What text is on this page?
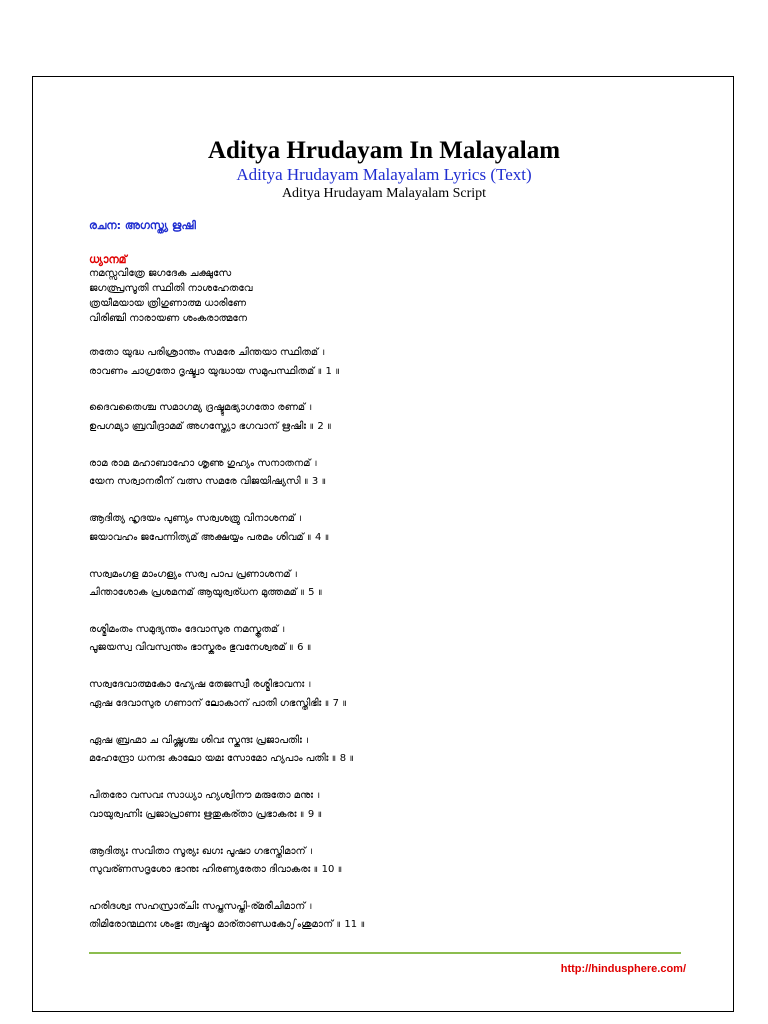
Aditya Hrudayam In Malayalam
Aditya Hrudayam Malayalam Lyrics (Text)
Aditya Hrudayam Malayalam Script
രചന: അഗസ്ത്യ ഋഷി
ധ്യാനമ്
നമസ്സവിത്രേ ജഗദേക ചക്ഷുസേ
ജഗത്പ്രസൂതി സ്ഥിതി നാശഹേതവേ
ത്രയീമയായ ത്രിഗുണാത്മ ധാരിണേ
വിരിഞ്ചി നാരായണ ശംകരാത്മനേ
തതോ യുദ്ധ പരിശ്രാന്തം സമരേ ചിന്തയാ സ്ഥിതമ് ।
രാവണം ചാഗ്രതോ ദൃഷ്ട്വാ യുദ്ധായ സമുപസ്ഥിതമ് ॥ 1 ॥
ദൈവതൈശ്ച സമാഗമ്യ ദ്രഷ്ടുമഭ്യാഗതോ രണമ് ।
ഉപഗമ്യാ ബ്രവീദ്രാമമ് അഗസ്ത്യോ ഭഗവാന് ഋഷിഃ ॥ 2 ॥
രാമ രാമ മഹാബാഹോ ശൃണു ഗുഹ്യം സനാതനമ് ।
യേന സര്വാനരീന് വത്സ സമരേ വിജയിഷ്യസി ॥ 3 ॥
ആദിത്യ ഹൃദയം പുണ്യം സര്വശത്രു വിനാശനമ് ।
ജയാവഹം ജപേന്നിത്യമ് അക്ഷയ്യം പരമം ശിവമ് ॥ 4 ॥
സര്വമംഗള മാംഗള്യം സര്വ പാപ പ്രണാശനമ് ।
ചിന്താശോക പ്രശമനമ് ആയുര്വര്ധന മുത്തമമ് ॥ 5 ॥
രശ്മിമംതം സമുദ്യന്തം ദേവാസുര നമസ്കൃതമ് ।
പൂജയസ്വ വിവസ്വന്തം ഭാസ്കരം ഭുവനേശ്വരമ് ॥ 6 ॥
സര്വദേവാത്മകോ ഹ്യേഷ തേജസ്വീ രശ്മിഭാവനഃ ।
ഏഷ ദേവാസുര ഗണാന് ലോകാന് പാതി ഗഭസ്തിഭിഃ ॥ 7 ॥
ഏഷ ബ്രഹ്മാ ച വിഷ്ണുശ്ച ശിവഃ സ്കന്ദഃ പ്രജാപതിഃ ।
മഹേന്ദ്രോ ധനദഃ കാലോ യമഃ സോമോ ഹ്യപാം പതിഃ ॥ 8 ॥
പിതരോ വസവഃ സാധ്യാ ഹ്യശ്വിനൗ മരുതോ മനുഃ ।
വായുര്വഹ്നിഃ പ്രജാപ്രാണഃ ഋതുകര്താ പ്രഭാകരഃ ॥ 9 ॥
ആദിത്യഃ സവിതാ സൂര്യഃ ഖഗഃ പൂഷാ ഗഭസ്തിമാന് ।
സുവര്ണസദൃശോ ഭാനുഃ ഹിരണ്യരേതാ ദിവാകരഃ ॥ 10 ॥
ഹരിദശ്വഃ സഹസ്രാര്ചിഃ സപ്തസപ്തി-ര്മരീചിമാന് ।
തിമിരോന്മഥനഃ ശംഭുഃ ത്വഷ്ടാ മാര്താണ്ഡകോഽംശുമാന് ॥ 11 ॥
http://hindusphere.com/
